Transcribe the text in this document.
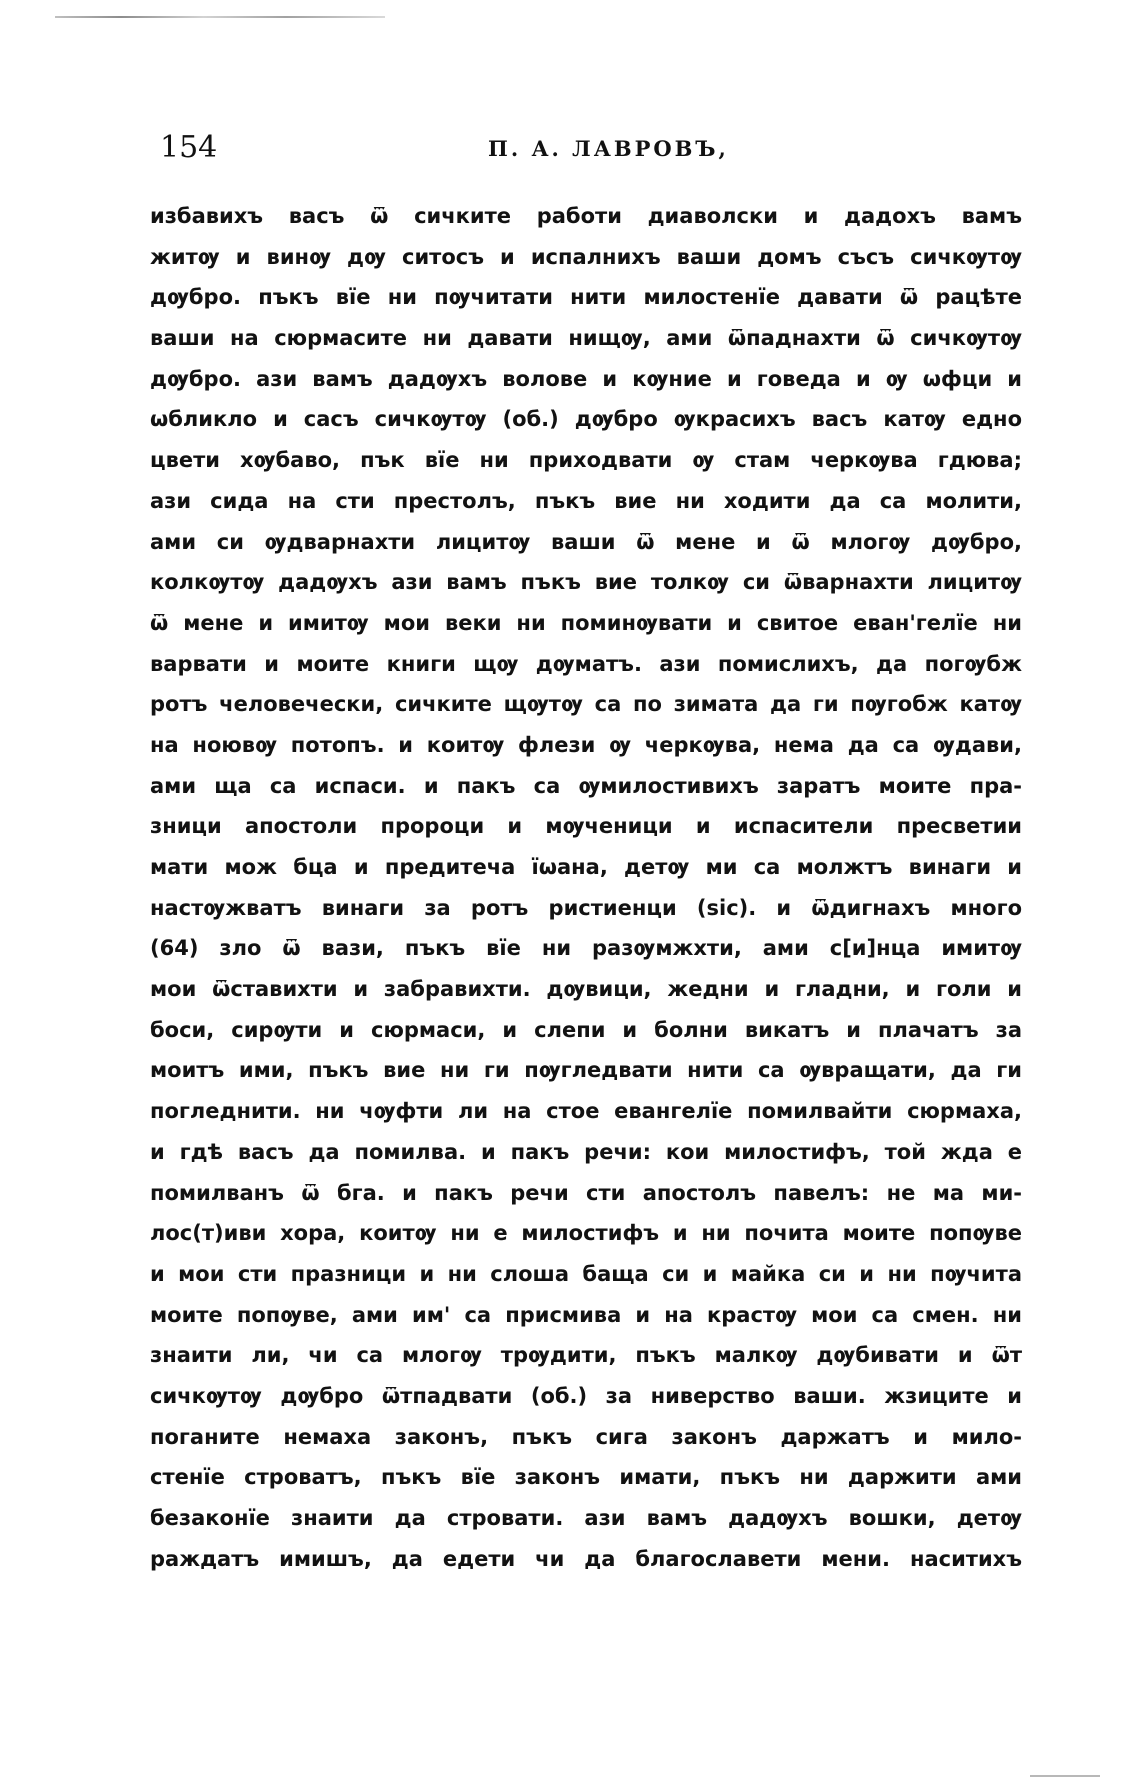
154	П. А. ЛАВРОВЪ,
избавихъ васъ ѿ сичките работи диаволски и дадохъ вамъ
житѹ и винѹ дѹ ситосъ и испалнихъ ваши домъ съсъ сичкѹтѹ
дѹбро. пъкъ вїе ни пѹчитати нити милостенїе давати ѿ рацѣте
ваши на сюрмасите ни давати нищѹ, ами ѿпаднахти ѿ сичкѹтѹ
дѹбро. ази вамъ дадѹхъ волове и кѹние и говеда и ѹ ѡфци и
ѡбликло и сасъ сичкѹтѹ (об.) дѹбро ѹкрасихъ васъ катѹ едно
цвети хѹбаво, пък вїе ни приходвати ѹ стам черкѹва гдюва;
ази сида на сти престолъ, пъкъ вие ни ходити да са молити,
ами си ѹдварнахти лицитѹ ваши ѿ мене и ѿ млогѹ дѹбро,
колкѹтѹ дадѹхъ ази вамъ пъкъ вие толкѹ си ѿварнахти лицитѹ
ѿ мене и имитѹ мои веки ни поминѹвати и свитое еван'гелїе ни
варвати и моите книги щѹ дѹматъ. ази помислихъ, да погѹбж
ротъ человечески, сичките щѹтѹ са по зимата да ги пѹгобж катѹ
на ноювѹ потопъ. и коитѹ флези ѹ черкѹва, нема да са ѹдави,
ами ща са испаси. и пакъ са ѹмилостивихъ заратъ моите пра-
зници апостоли пророци и мѹченици и испасители пресветии
мати мож бца и предитеча їѡана, детѹ ми са молжтъ винаги и
настѹжватъ винаги за ротъ ристиенци (sic). и ѿдигнахъ много
(64) зло ѿ вази, пъкъ вїе ни разѹмжхти, ами с[и]нца имитѹ
мои ѿставихти и забравихти. дѹвици, жедни и гладни, и голи и
боси, сирѹти и сюрмаси, и слепи и болни викатъ и плачатъ за
моитъ ими, пъкъ вие ни ги пѹгледвати нити са ѹвращати, да ги
погледнити. ни чѹфти ли на стое евангелїе помилвайти сюрмаха,
и гдѣ васъ да помилва. и пакъ речи: кои милостифъ, той жда е
помилванъ ѿ бга. и пакъ речи сти апостолъ павелъ: не ма ми-
лос(т)иви хора, коитѹ ни е милостифъ и ни почита моите попѹве
и мои сти празници и ни слоша баща си и майка си и ни пѹчита
моите попѹве, ами им' са присмива и на крастѹ мои са смен. ни
знаити ли, чи са млогѹ трѹдити, пъкъ малкѹ дѹбивати и ѿт
сичкѹтѹ дѹбро ѿтпадвати (об.) за ниверство ваши. жзиците и
поганите немаха законъ, пъкъ сига законъ даржатъ и мило-
стенїе строватъ, пъкъ вїе законъ имати, пъкъ ни даржити ами
безаконїе знаити да стровати. ази вамъ дадѹхъ вошки, детѹ
раждатъ имишъ, да едети чи да благославети мени. наситихъ
